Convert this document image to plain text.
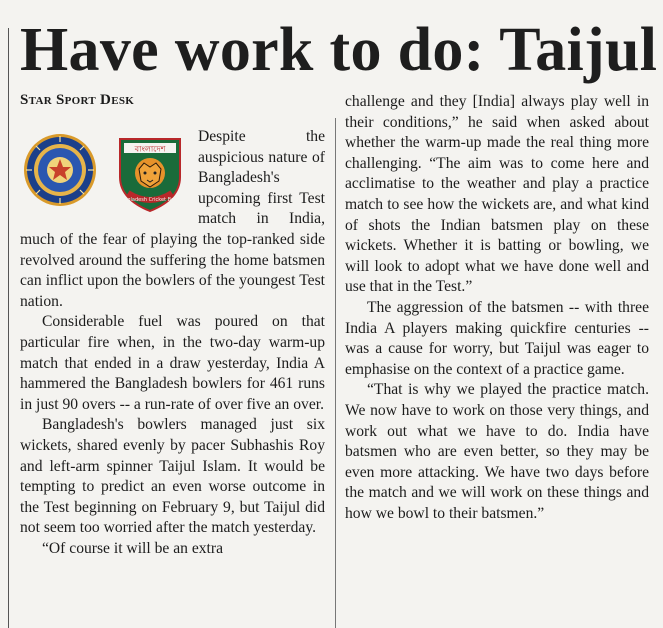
Have work to do: Taijul
Star Sport Desk
বাংলাদেশ
Bangladesh Cricket Board

Despite the auspicious nature of Bangladesh's upcoming first Test match in India, much of the fear of playing the top-ranked side revolved around the suffering the home batsmen can inflict upon the bowlers of the youngest Test nation.

Considerable fuel was poured on that particular fire when, in the two-day warm-up match that ended in a draw yesterday, India A hammered the Bangladesh bowlers for 461 runs in just 90 overs -- a run-rate of over five an over.

Bangladesh's bowlers managed just six wickets, shared evenly by pacer Subhashis Roy and left-arm spinner Taijul Islam. It would be tempting to predict an even worse outcome in the Test beginning on February 9, but Taijul did not seem too worried after the match yesterday.

“Of course it will be an extra

challenge and they [India] always play well in their conditions,” he said when asked about whether the warm-up made the real thing more challenging. “The aim was to come here and acclimatise to the weather and play a practice match to see how the wickets are, and what kind of shots the Indian batsmen play on these wickets. Whether it is batting or bowling, we will look to adopt what we have done well and use that in the Test.”

The aggression of the batsmen -- with three India A players making quickfire centuries -- was a cause for worry, but Taijul was eager to emphasise on the context of a practice game.

“That is why we played the practice match. We now have to work on those very things, and work out what we have to do. India have batsmen who are even better, so they may be even more attacking. We have two days before the match and we will work on these things and how we bowl to their batsmen.”
